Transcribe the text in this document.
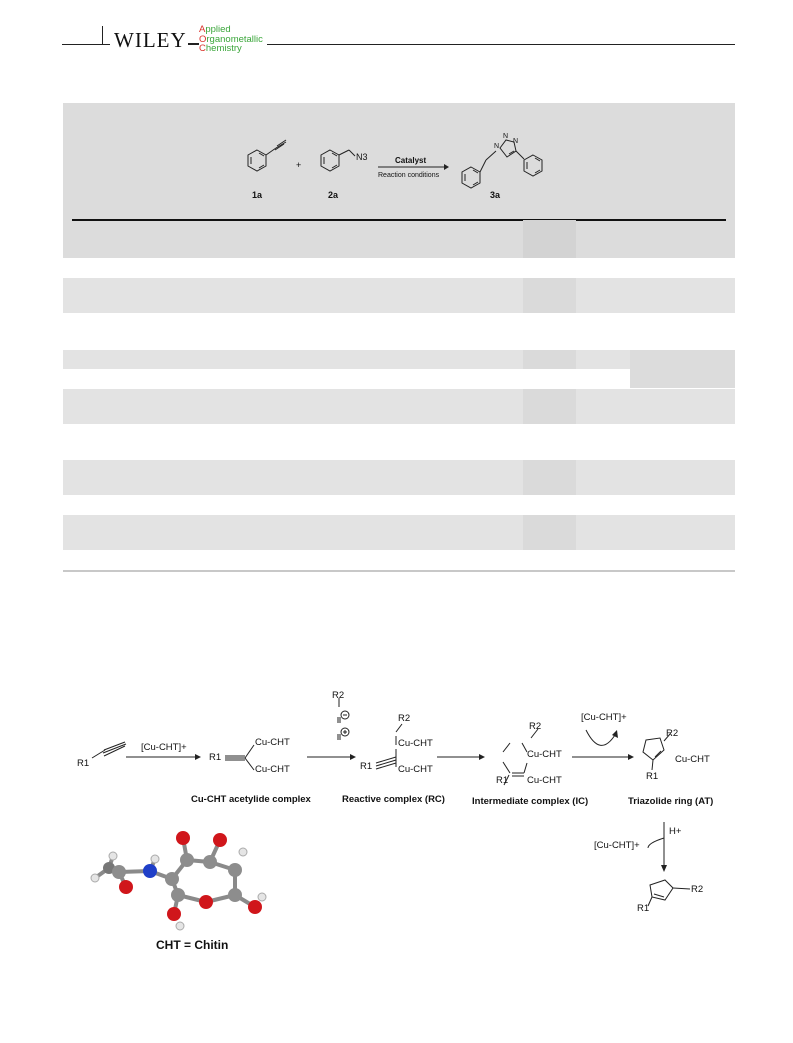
WILEY	Applied
Organometallic
Chemistry
+
N3	Catalyst
Reaction conditions
N
N
N
1a	2a	3a
R1
[Cu-CHT]+
R1
Cu-CHT
Cu-CHT
R2
R1
Cu-CHT
Cu-CHT
R2
R2
Cu-CHT
Cu-CHT
R1
[Cu-CHT]+
R2
Cu-CHT
R1
H+
[Cu-CHT]+
R2
R1
Cu-CHT acetylide complex	Reactive complex (RC)	Intermediate complex (IC)	Triazolide ring (AT)
CHT = Chitin
